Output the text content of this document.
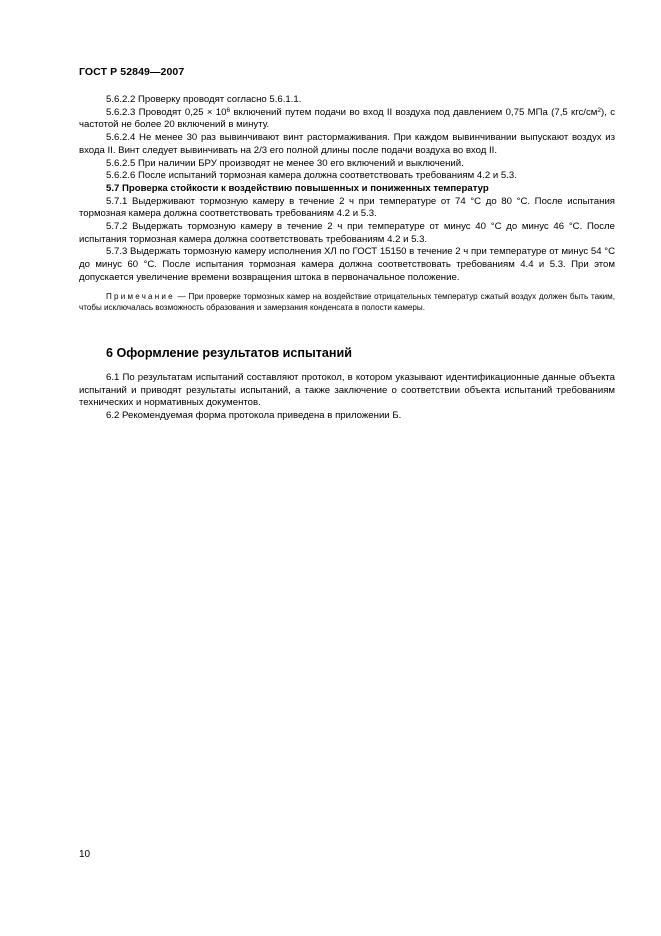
ГОСТ Р 52849—2007

5.6.2.2 Проверку проводят согласно 5.6.1.1.

5.6.2.3 Проводят $0,25 \times 10^6$ включений путем подачи во вход II воздуха под давлением 0,75 МПа (7,5 кгс/$см^2$), с частотой не более 20 включений в минуту.

5.6.2.4 Не менее 30 раз вывинчивают винт растормаживания. При каждом вывинчивании выпускают воздух из входа II. Винт следует вывинчивать на 2/3 его полной длины после подачи воздуха во вход II.

5.6.2.5 При наличии БРУ производят не менее 30 его включений и выключений.

5.6.2.6 После испытаний тормозная камера должна соответствовать требованиям 4.2 и 5.3.

5.7 Проверка стойкости к воздействию повышенных и пониженных температур

5.7.1 Выдерживают тормозную камеру в течение 2 ч при температуре от 74 °С до 80 °С. После испытания тормозная камера должна соответствовать требованиям 4.2 и 5.3.

5.7.2 Выдержать тормозную камеру в течение 2 ч при температуре от минус 40 °С до минус 46 °С. После испытания тормозная камера должна соответствовать требованиям 4.2 и 5.3.

5.7.3 Выдержать тормозную камеру исполнения ХЛ по ГОСТ 15150 в течение 2 ч при температуре от минус 54 °С до минус 60 °С. После испытания тормозная камера должна соответствовать требованиям 4.4 и 5.3. При этом допускается увеличение времени возвращения штока в первоначальное положение.

Примечание — При проверке тормозных камер на воздействие отрицательных температур сжатый воздух должен быть таким, чтобы исключалась возможность образования и замерзания конденсата в полости камеры.

6 Оформление результатов испытаний

6.1 По результатам испытаний составляют протокол, в котором указывают идентификационные данные объекта испытаний и приводят результаты испытаний, а также заключение о соответствии объекта испытаний требованиям технических и нормативных документов.

6.2 Рекомендуемая форма протокола приведена в приложении Б.

10
